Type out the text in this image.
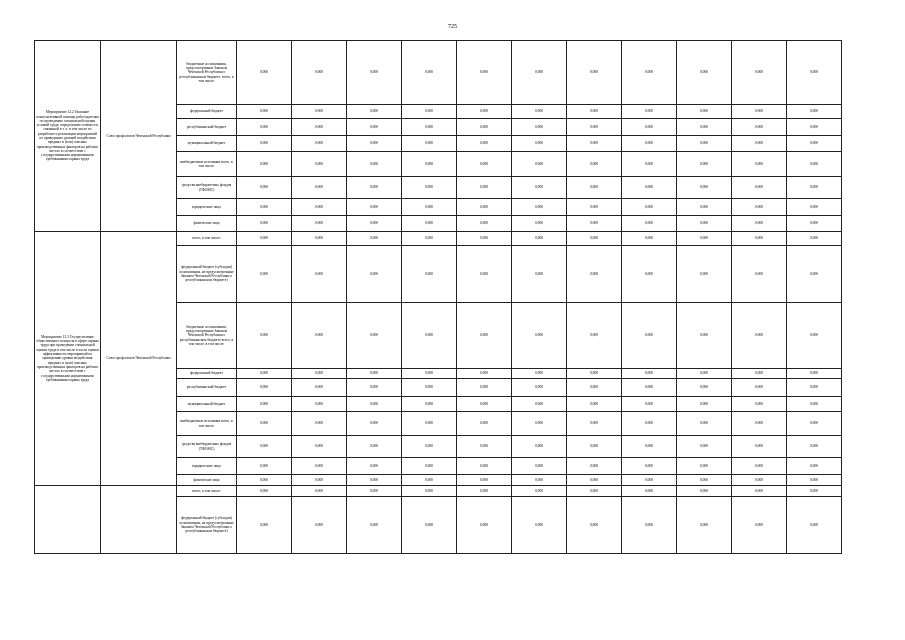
725
Мероприятие 12.2 Оказание консультативной помощи работодателям по проведению специальной оценки условий труда, определению стоимости, связанной в т. ч. в том числе по разработке и реализации мероприятий по приведению уровней воздействия вредных и (или) опасных производственных факторов на рабочих местах в соответствие с государственными нормативными требованиями охраны труда	Союз профсоюзов Чеченской Республики	бюджетные ассигнования, предусмотренные Законом Чеченской Республики о республиканском бюджете, всего, в том числе:	0,000	0,000	0,000	0,000	0,000	0,000	0,000	0,000	0,000	0,000	0,000
		федеральный бюджет	0,000	0,000	0,000	0,000	0,000	0,000	0,000	0,000	0,000	0,000	0,000
		республиканский бюджет	0,000	0,000	0,000	0,000	0,000	0,000	0,000	0,000	0,000	0,000	0,000
		муниципальный бюджет	0,000	0,000	0,000	0,000	0,000	0,000	0,000	0,000	0,000	0,000	0,000
		внебюджетные источники всего, в том числе:	0,000	0,000	0,000	0,000	0,000	0,000	0,000	0,000	0,000	0,000	0,000
		средства внебюджетных фондов (ТФОМС)	0,000	0,000	0,000	0,000	0,000	0,000	0,000	0,000	0,000	0,000	0,000
		юридические лица	0,000	0,000	0,000	0,000	0,000	0,000	0,000	0,000	0,000	0,000	0,000
		физические лица	0,000	0,000	0,000	0,000	0,000	0,000	0,000	0,000	0,000	0,000	0,000
Мероприятие 12.3 Осуществление общественного контроля в сфере охраны труда при проведении специальной оценки труда в том числе в части оценки эффективности мероприятий по приведению уровня воздействия вредных и (или) опасных производственных факторов на рабочих местах в соответствие с государственными нормативными требованиями охраны труда	Союз профсоюзов Чеченской Республики	всего, в том числе:	0,000	0,000	0,000	0,000	0,000	0,000	0,000	0,000	0,000	0,000	0,000
		федеральный бюджет (субсидии) ассигнования, не предусмотренные Законом Чеченской Республики о республиканском бюджете)	0,000	0,000	0,000	0,000	0,000	0,000	0,000	0,000	0,000	0,000	0,000
		бюджетные ассигнования, предусмотренные Законом Чеченской Республики о республиканском бюджете всего, в том числе, в том числе:	0,000	0,000	0,000	0,000	0,000	0,000	0,000	0,000	0,000	0,000	0,000
		федеральный бюджет	0,000	0,000	0,000	0,000	0,000	0,000	0,000	0,000	0,000	0,000	0,000
		республиканский бюджет	0,000	0,000	0,000	0,000	0,000	0,000	0,000	0,000	0,000	0,000	0,000
		муниципальный бюджет	0,000	0,000	0,000	0,000	0,000	0,000	0,000	0,000	0,000	0,000	0,000
		внебюджетные источники всего, в том числе:	0,000	0,000	0,000	0,000	0,000	0,000	0,000	0,000	0,000	0,000	0,000
		средства внебюджетных фондов (ТФОМС)	0,000	0,000	0,000	0,000	0,000	0,000	0,000	0,000	0,000	0,000	0,000
		юридические лица	0,000	0,000	0,000	0,000	0,000	0,000	0,000	0,000	0,000	0,000	0,000
		физические лица	0,000	0,000	0,000	0,000	0,000	0,000	0,000	0,000	0,000	0,000	0,000
		всего, в том числе:	0,000	0,000	0,000	0,000	0,000	0,000	0,000	0,000	0,000	0,000	0,000
		федеральный бюджет (субсидии) ассигнования, не предусмотренные Законом Чеченской Республики о республиканском бюджете)	0,000	0,000	0,000	0,000	0,000	0,000	0,000	0,000	0,000	0,000	0,000
